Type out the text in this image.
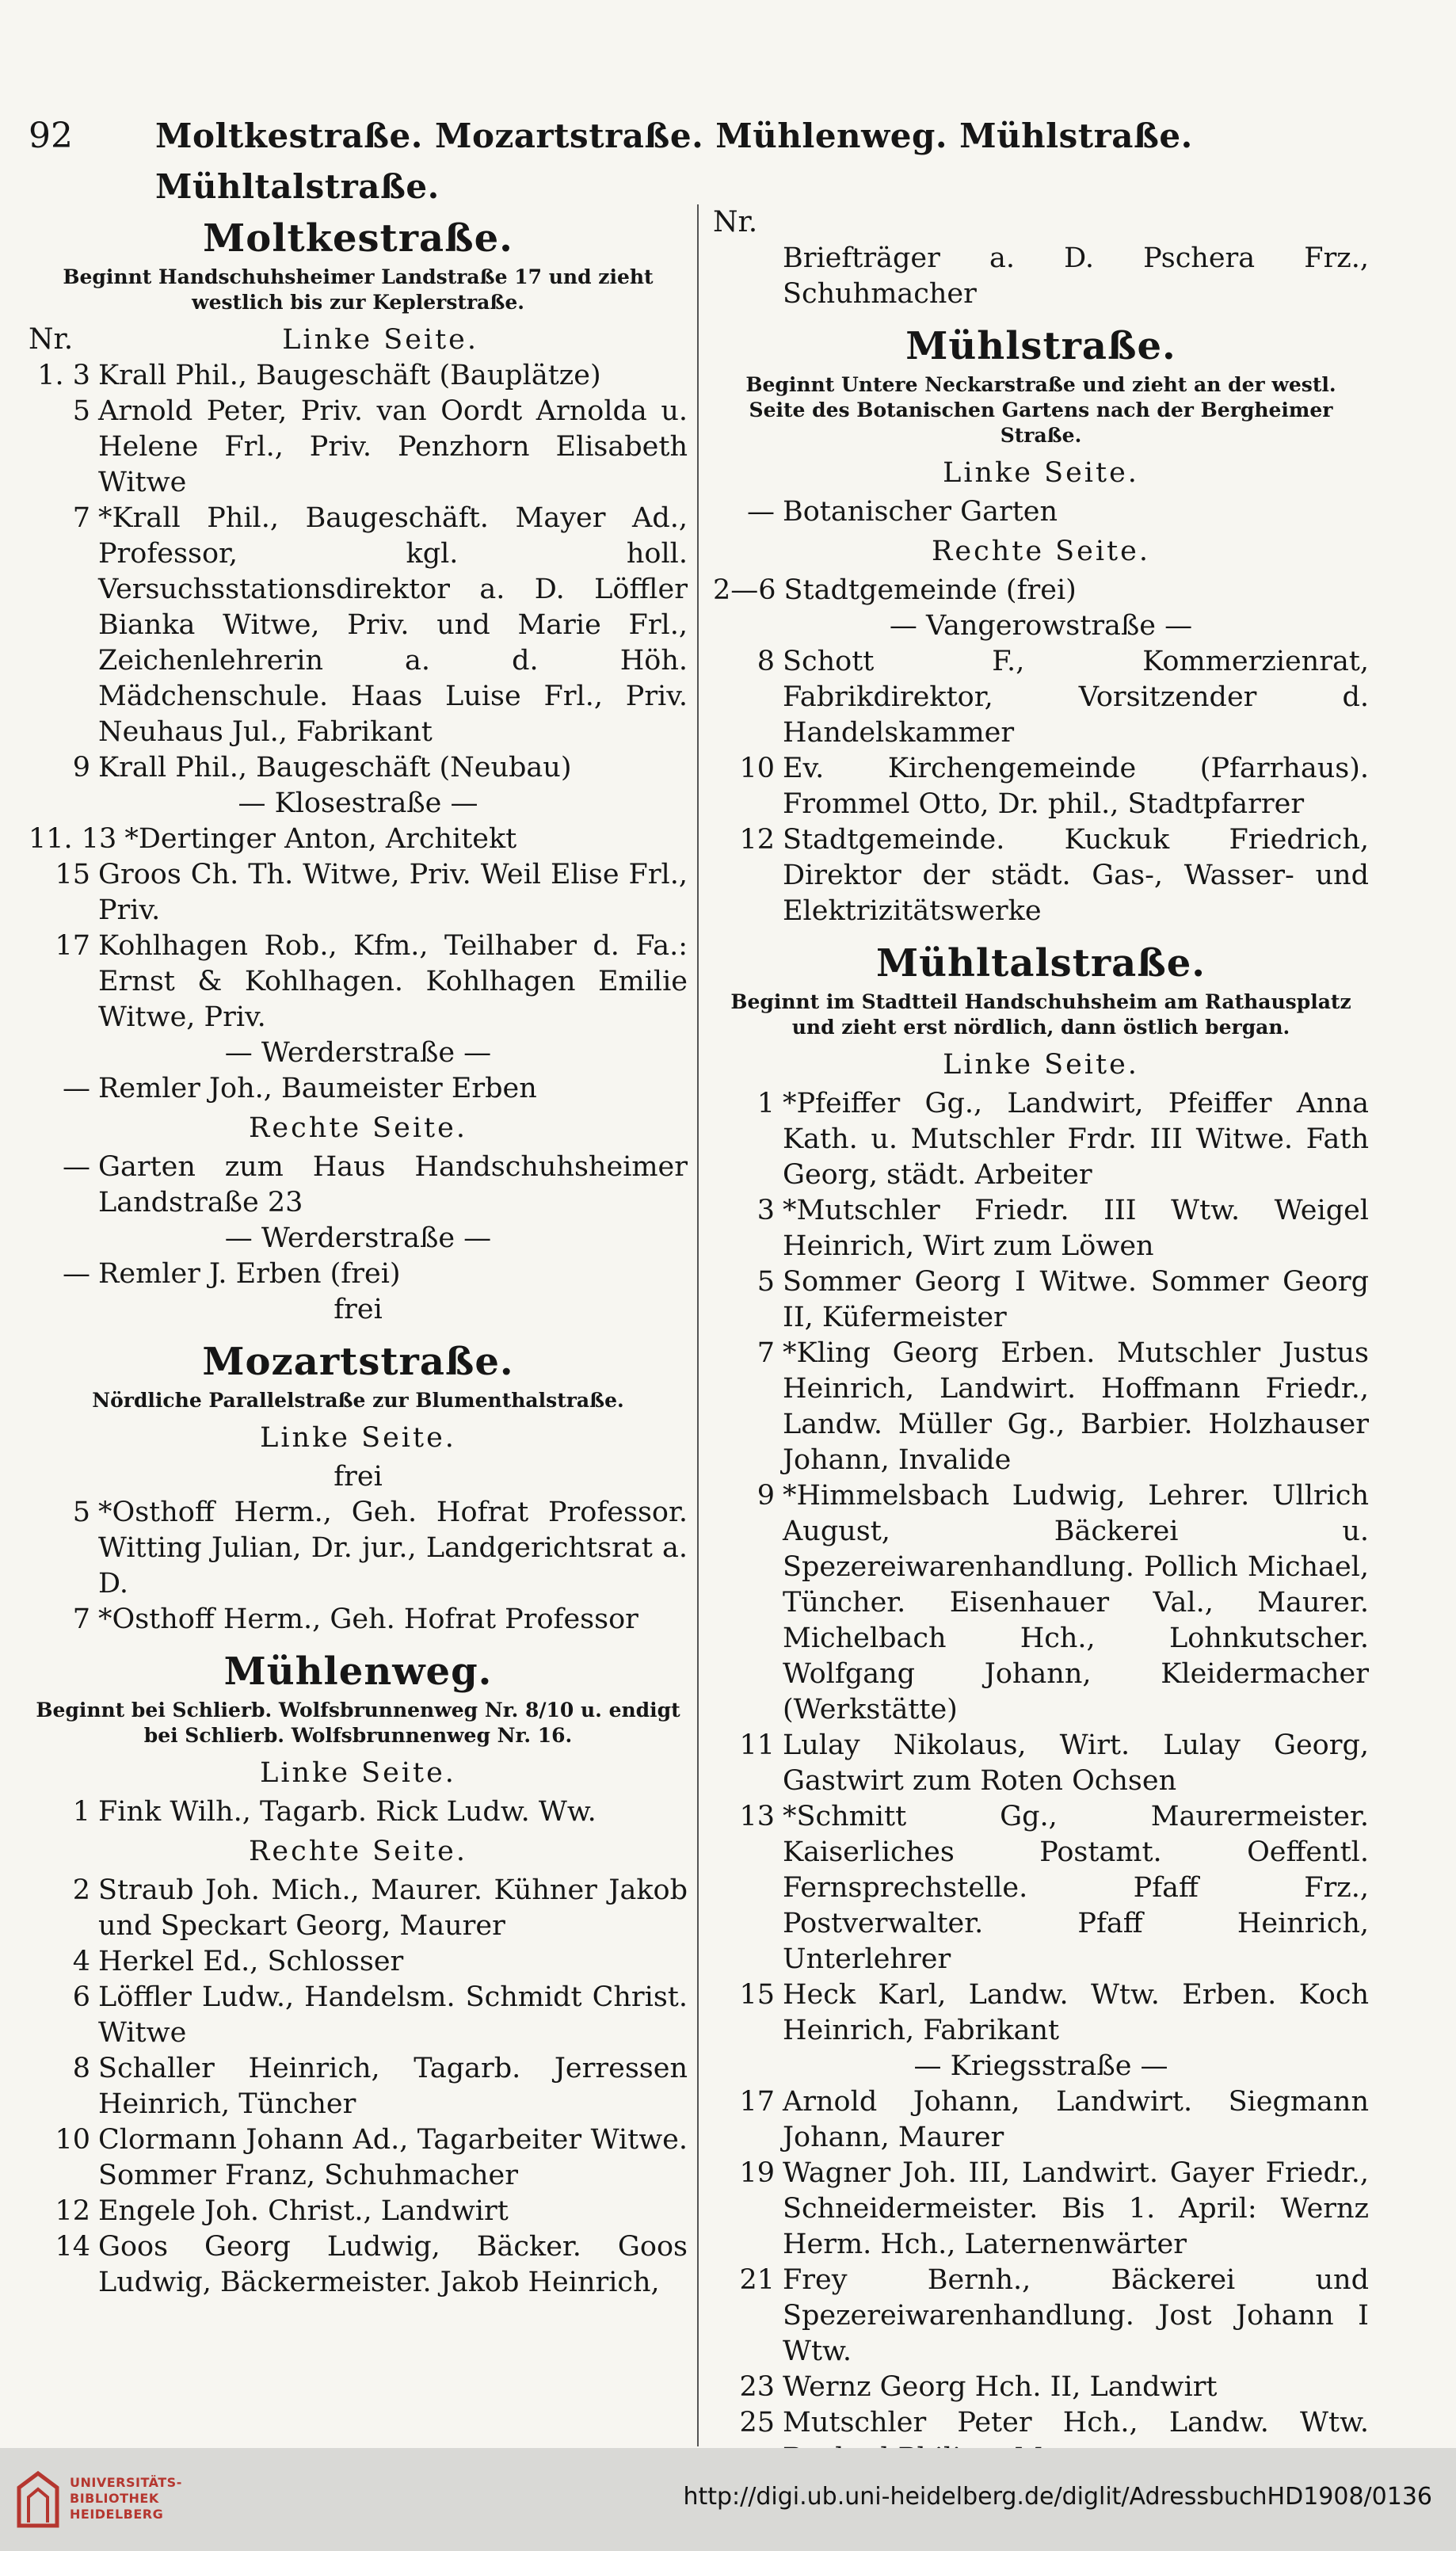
92 Moltkestraße. Mozartstraße. Mühlenweg. Mühlstraße. Mühltalstraße.
Moltkestraße.
Beginnt Handschuhsheimer Landstraße 17 und zieht westlich bis zur Keplerstraße.
Nr.	Linke Seite.
1. 3 Krall Phil., Baugeschäft (Bauplätze)
5 Arnold Peter, Priv. van Oordt Arnolda u. Helene Frl., Priv. Penzhorn Elisabeth Witwe
7 *Krall Phil., Baugeschäft. Mayer Ad., Professor, kgl. holl. Versuchsstationsdirektor a. D. Löffler Bianka Witwe, Priv. und Marie Frl., Zeichenlehrerin a. d. Höh. Mädchenschule. Haas Luise Frl., Priv. Neuhaus Jul., Fabrikant
9 Krall Phil., Baugeschäft (Neubau)
— Klosestraße —
11. 13 *Dertinger Anton, Architekt
15 Groos Ch. Th. Witwe, Priv. Weil Elise Frl., Priv.
17 Kohlhagen Rob., Kfm., Teilhaber d. Fa.: Ernst & Kohlhagen. Kohlhagen Emilie Witwe, Priv.
— Werderstraße —
— Remler Joh., Baumeister Erben
Rechte Seite.
— Garten zum Haus Handschuhsheimer Landstraße 23
— Werderstraße —
— Remler J. Erben (frei)
frei
Mozartstraße.
Nördliche Parallelstraße zur Blumenthalstraße.
Linke Seite.
frei
5 *Osthoff Herm., Geh. Hofrat Professor. Witting Julian, Dr. jur., Landgerichtsrat a. D.
7 *Osthoff Herm., Geh. Hofrat Professor
Mühlenweg.
Beginnt bei Schlierb. Wolfsbrunnenweg Nr. 8/10 u. endigt bei Schlierb. Wolfsbrunnenweg Nr. 16.
Linke Seite.
1 Fink Wilh., Tagarb. Rick Ludw. Ww.
Rechte Seite.
2 Straub Joh. Mich., Maurer. Kühner Jakob und Speckart Georg, Maurer
4 Herkel Ed., Schlosser
6 Löffler Ludw., Handelsm. Schmidt Christ. Witwe
8 Schaller Heinrich, Tagarb. Jerressen Heinrich, Tüncher
10 Clormann Johann Ad., Tagarbeiter Witwe. Sommer Franz, Schuhmacher
12 Engele Joh. Christ., Landwirt
14 Goos Georg Ludwig, Bäcker. Goos Ludwig, Bäckermeister. Jakob Heinrich,
Nr.
Briefträger a. D. Pschera Frz., Schuhmacher
Mühlstraße.
Beginnt Untere Neckarstraße und zieht an der westl. Seite des Botanischen Gartens nach der Bergheimer Straße.
Linke Seite.
— Botanischer Garten
Rechte Seite.
2—6 Stadtgemeinde (frei)
— Vangerowstraße —
8 Schott F., Kommerzienrat, Fabrikdirektor, Vorsitzender d. Handelskammer
10 Ev. Kirchengemeinde (Pfarrhaus). Frommel Otto, Dr. phil., Stadtpfarrer
12 Stadtgemeinde. Kuckuk Friedrich, Direktor der städt. Gas-, Wasser- und Elektrizitätswerke
Mühltalstraße.
Beginnt im Stadtteil Handschuhsheim am Rathausplatz und zieht erst nördlich, dann östlich bergan.
Linke Seite.
1 *Pfeiffer Gg., Landwirt, Pfeiffer Anna Kath. u. Mutschler Frdr. III Witwe. Fath Georg, städt. Arbeiter
3 *Mutschler Friedr. III Wtw. Weigel Heinrich, Wirt zum Löwen
5 Sommer Georg I Witwe. Sommer Georg II, Küfermeister
7 *Kling Georg Erben. Mutschler Justus Heinrich, Landwirt. Hoffmann Friedr., Landw. Müller Gg., Barbier. Holzhauser Johann, Invalide
9 *Himmelsbach Ludwig, Lehrer. Ullrich August, Bäckerei u. Spezereiwarenhandlung. Pollich Michael, Tüncher. Eisenhauer Val., Maurer. Michelbach Hch., Lohnkutscher. Wolfgang Johann, Kleidermacher (Werkstätte)
11 Lulay Nikolaus, Wirt. Lulay Georg, Gastwirt zum Roten Ochsen
13 *Schmitt Gg., Maurermeister. Kaiserliches Postamt. Oeffentl. Fernsprechstelle. Pfaff Frz., Postverwalter. Pfaff Heinrich, Unterlehrer
15 Heck Karl, Landw. Wtw. Erben. Koch Heinrich, Fabrikant
— Kriegsstraße —
17 Arnold Johann, Landwirt. Siegmann Johann, Maurer
19 Wagner Joh. III, Landwirt. Gayer Friedr., Schneidermeister. Bis 1. April: Wernz Herm. Hch., Laternenwärter
21 Frey Bernh., Bäckerei und Spezereiwarenhandlung. Jost Johann I Wtw.
23 Wernz Georg Hch. II, Landwirt
25 Mutschler Peter Hch., Landw. Wtw.
UNIVERSITÄTS-
BIBLIOTHEK
HEIDELBERG
http://digi.ub.uni-heidelberg.de/diglit/AdressbuchHD1908/0136
